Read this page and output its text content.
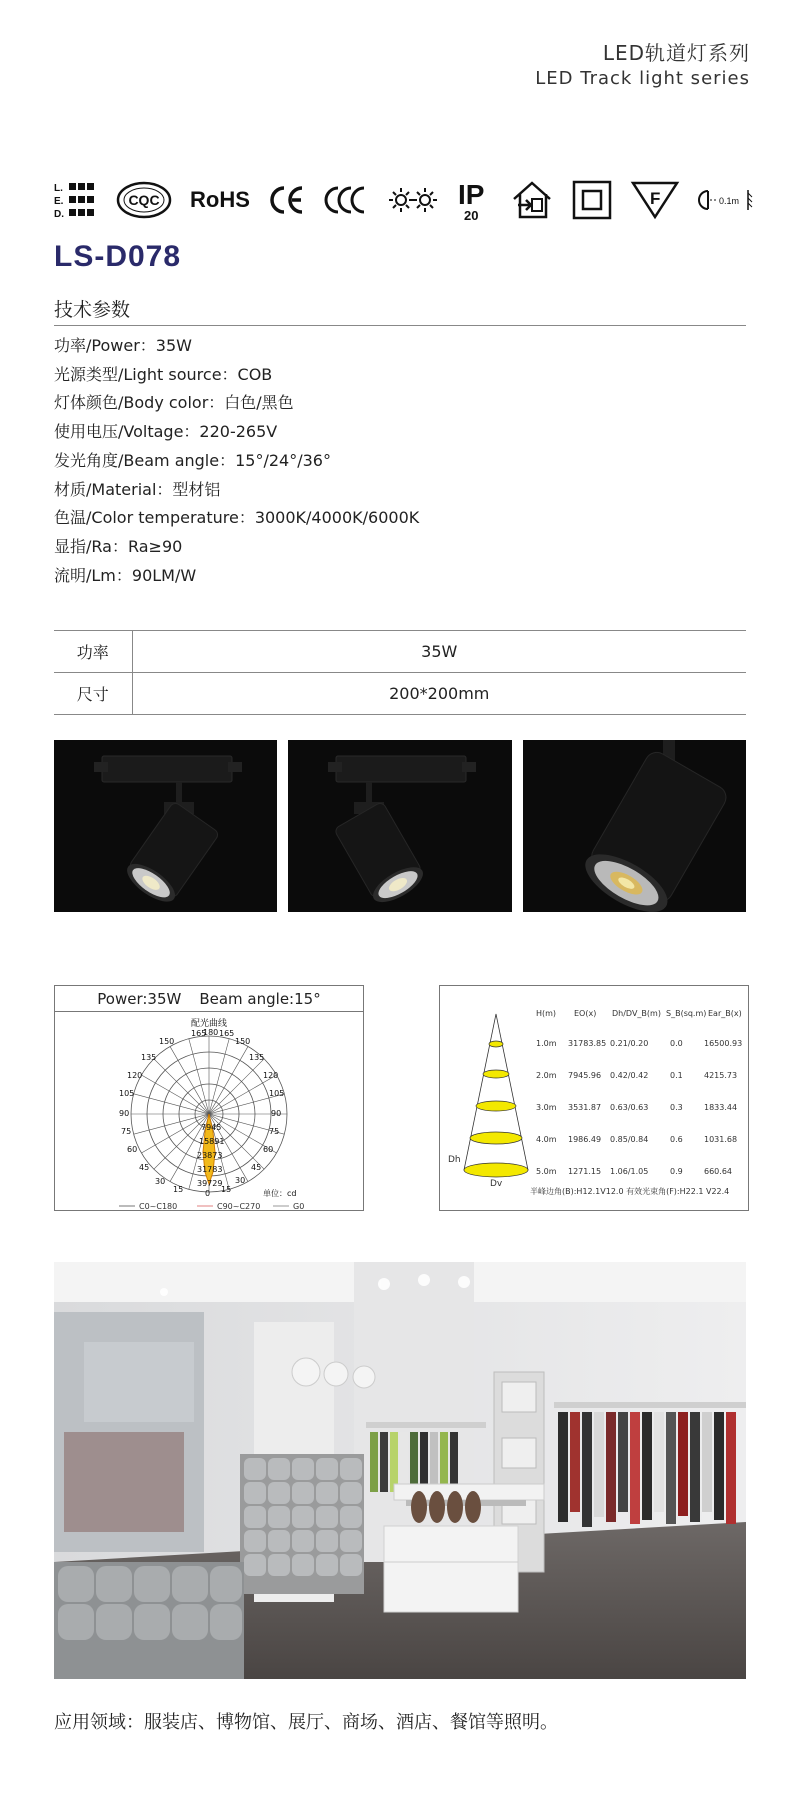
LED轨道灯系列
LED Track light series
L.
E.
D.
CQC RoHS	IP
20
F	0.1m
LS-D078
技术参数
功率/Power：35W
光源类型/Light source：COB
灯体颜色/Body color：白色/黑色
使用电压/Voltage：220-265V
发光角度/Beam angle：15°/24°/36°
材质/Material：型材铝
色温/Color temperature：3000K/4000K/6000K
显指/Ra：Ra≥90
流明/Lm：90LM/W
功率	35W
尺寸	200*200mm
Power:35W Beam angle:15°
配光曲线
165
180 165
150
150
135
135
120
120
105
105
90
90
75
75
60
60
45
45
30
30
15	0 15
7945
15891
23873
31783
39729
单位：cd
C0~C180	C90~C270	G0
Dh
Dv
H(m) EO(x) Dh/DV_B(m) S_B(sq.m) Ear_B(x)
1.0m 31783.85 0.21/0.20	0.0	16500.93
2.0m 7945.96 0.42/0.42	0.1	4215.73
3.0m 3531.87 0.63/0.63	0.3	1833.44
4.0m 1986.49 0.85/0.84	0.6	1031.68
5.0m 1271.15 1.06/1.05	0.9	660.64
半峰边角(B):H12.1V12.0 有效光束角(F):H22.1 V22.4
应用领域：服装店、博物馆、展厅、商场、酒店、餐馆等照明。
